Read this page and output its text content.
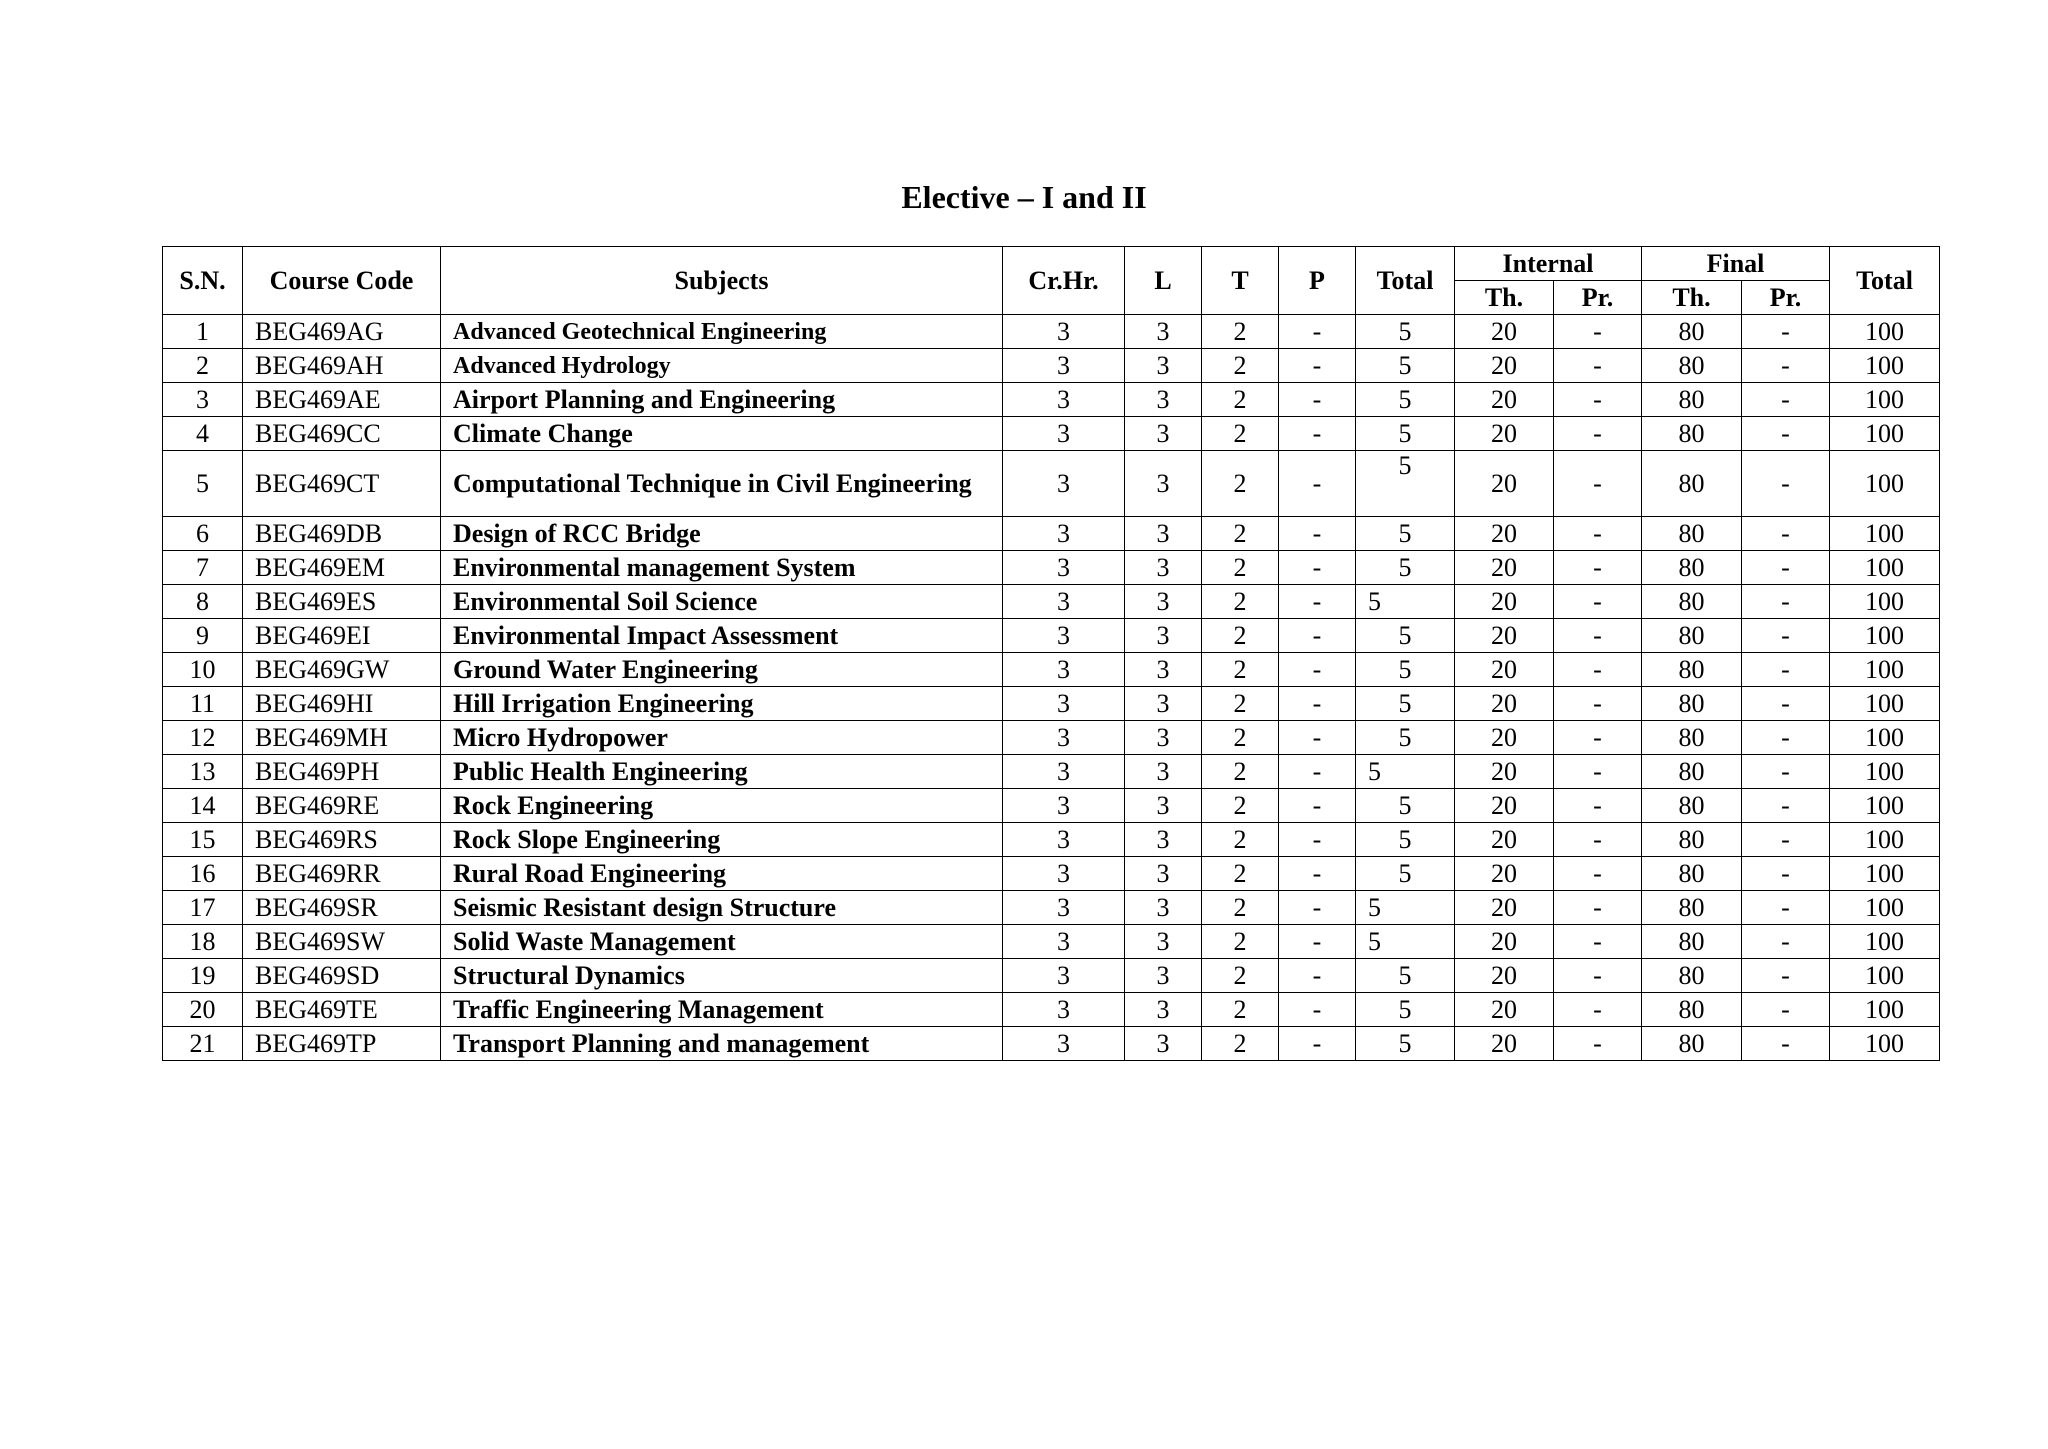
Elective – I and II
S.N.	Course Code	Subjects	Cr.Hr.	L	T	P	Total	Internal		Final		Total
								Th.	Pr.	Th.	Pr.	
1	BEG469AG	Advanced Geotechnical Engineering	3	3	2	-	5	20	-	80	-	100
2	BEG469AH	Advanced Hydrology	3	3	2	-	5	20	-	80	-	100
3	BEG469AE	Airport Planning and Engineering	3	3	2	-	5	20	-	80	-	100
4	BEG469CC	Climate Change	3	3	2	-	5	20	-	80	-	100
5	BEG469CT	Computational Technique in Civil Engineering	3	3	2	-	5	20	-	80	-	100
6	BEG469DB	Design of RCC Bridge	3	3	2	-	5	20	-	80	-	100
7	BEG469EM	Environmental management System	3	3	2	-	5	20	-	80	-	100
8	BEG469ES	Environmental Soil Science	3	3	2	-	5	20	-	80	-	100
9	BEG469EI	Environmental Impact Assessment	3	3	2	-	5	20	-	80	-	100
10	BEG469GW	Ground Water Engineering	3	3	2	-	5	20	-	80	-	100
11	BEG469HI	Hill Irrigation Engineering	3	3	2	-	5	20	-	80	-	100
12	BEG469MH	Micro Hydropower	3	3	2	-	5	20	-	80	-	100
13	BEG469PH	Public Health Engineering	3	3	2	-	5	20	-	80	-	100
14	BEG469RE	Rock Engineering	3	3	2	-	5	20	-	80	-	100
15	BEG469RS	Rock Slope Engineering	3	3	2	-	5	20	-	80	-	100
16	BEG469RR	Rural Road Engineering	3	3	2	-	5	20	-	80	-	100
17	BEG469SR	Seismic Resistant design Structure	3	3	2	-	5	20	-	80	-	100
18	BEG469SW	Solid Waste Management	3	3	2	-	5	20	-	80	-	100
19	BEG469SD	Structural Dynamics	3	3	2	-	5	20	-	80	-	100
20	BEG469TE	Traffic Engineering Management	3	3	2	-	5	20	-	80	-	100
21	BEG469TP	Transport Planning and management	3	3	2	-	5	20	-	80	-	100
